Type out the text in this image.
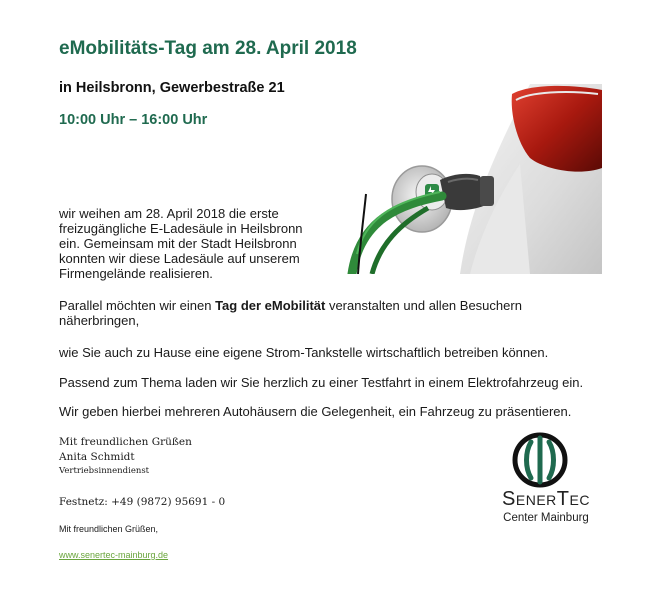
eMobilitäts-Tag am 28. April 2018
in Heilsbronn, Gewerbestraße 21
10:00 Uhr – 16:00 Uhr
wir weihen am 28. April 2018 die erste freizugängliche E-Ladesäule in Heilsbronn ein. Gemeinsam mit der Stadt Heilsbronn konnten wir diese Ladesäule auf unserem Firmengelände realisieren.
Parallel möchten wir einen Tag der eMobilität veranstalten und allen Besuchern näherbringen,
wie Sie auch zu Hause eine eigene Strom-Tankstelle wirtschaftlich betreiben können.
Passend zum Thema laden wir Sie herzlich zu einer Testfahrt in einem Elektrofahrzeug ein.
Wir geben hierbei mehreren Autohäusern die Gelegenheit, ein Fahrzeug zu präsentieren.
Mit freundlichen Grüßen
Anita Schmidt
Vertriebsinnendienst
Festnetz: +49 (9872) 95691 - 0
Mit freundlichen Grüßen,
www.senertec-mainburg.de
SenerTec
Center Mainburg
